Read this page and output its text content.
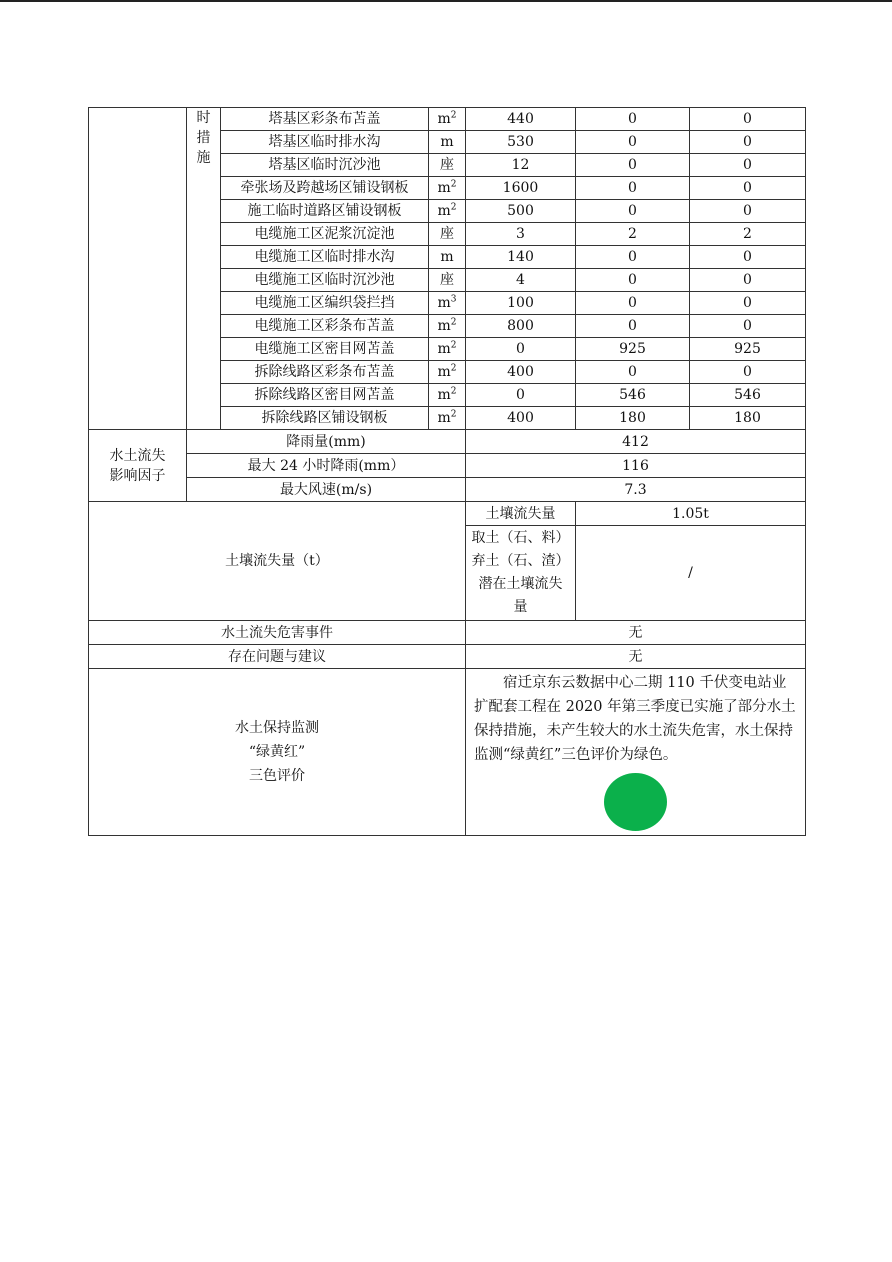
	时
措
施	塔基区彩条布苫盖	$m^2$	440	0	0
		塔基区临时排水沟	m	530	0	0
		塔基区临时沉沙池	座	12	0	0
		牵张场及跨越场区铺设钢板	$m^2$	1600	0	0
		施工临时道路区铺设钢板	$m^2$	500	0	0
		电缆施工区泥浆沉淀池	座	3	2	2
		电缆施工区临时排水沟	m	140	0	0
		电缆施工区临时沉沙池	座	4	0	0
		电缆施工区编织袋拦挡	$m^3$	100	0	0
		电缆施工区彩条布苫盖	$m^2$	800	0	0
		电缆施工区密目网苫盖	$m^2$	0	925	925
		拆除线路区彩条布苫盖	$m^2$	400	0	0
		拆除线路区密目网苫盖	$m^2$	0	546	546
		拆除线路区铺设钢板	$m^2$	400	180	180

水土流失
影响因子	降雨量(mm)			412		
	最大 24 小时降雨(mm）			116		
	最大风速(m/s)			7.3		
土壤流失量（t）				土壤流失量	1.05t	

				取土（石、料）
弃土（石、渣）
潜在土壤流失
量	/	
水土流失危害事件				无		
存在问题与建议				无		

水土保持监测
“绿黄红”
三色评价				宿迁京东云数据中心二期 110 千伏变电站业扩配套工程在 2020 年第三季度已实施了部分水土保持措施，未产生较大的水土流失危害，水土保持监测“绿黄红”三色评价为绿色。		
